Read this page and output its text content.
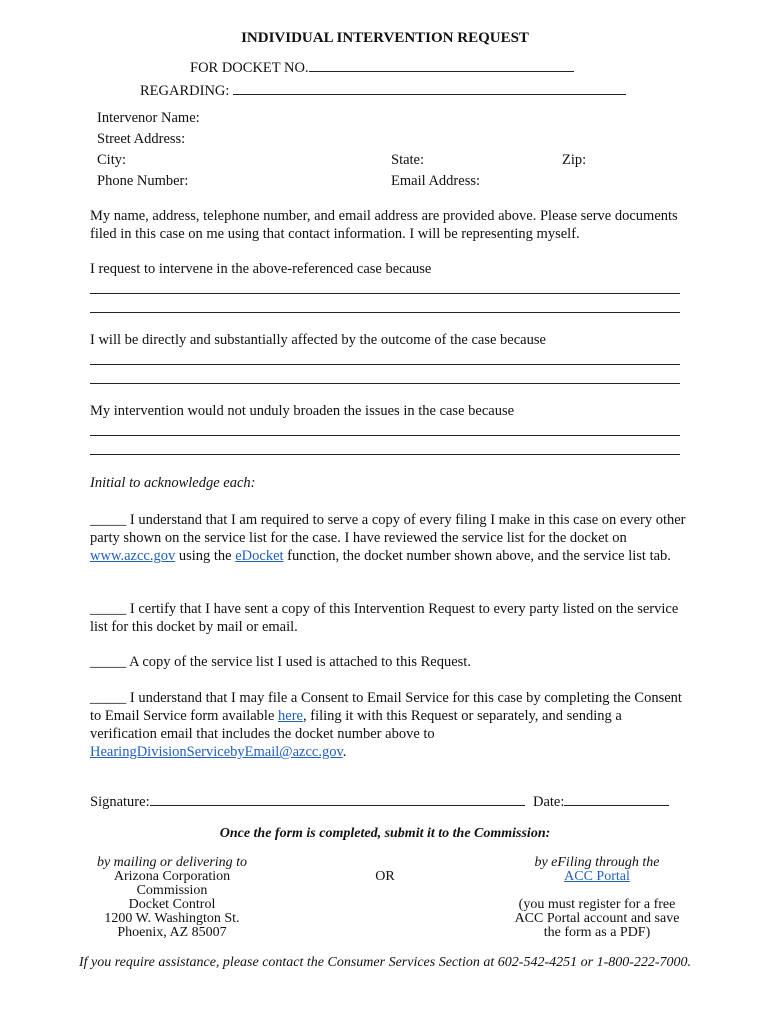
INDIVIDUAL INTERVENTION REQUEST
FOR DOCKET NO.
REGARDING:
Intervenor Name:
Street Address:
City:	State:	Zip:
Phone Number:	Email Address:
My name, address, telephone number, and email address are provided above. Please serve documents filed in this case on me using that contact information. I will be representing myself.
I request to intervene in the above-referenced case because
I will be directly and substantially affected by the outcome of the case because
My intervention would not unduly broaden the issues in the case because
Initial to acknowledge each:
_____ I understand that I am required to serve a copy of every filing I make in this case on every other party shown on the service list for the case. I have reviewed the service list for the docket on www.azcc.gov using the eDocket function, the docket number shown above, and the service list tab.
_____ I certify that I have sent a copy of this Intervention Request to every party listed on the service list for this docket by mail or email.
_____ A copy of the service list I used is attached to this Request.
_____ I understand that I may file a Consent to Email Service for this case by completing the Consent to Email Service form available here, filing it with this Request or separately, and sending a verification email that includes the docket number above to HearingDivisionServicebyEmail@azcc.gov.
Signature:	Date:
Once the form is completed, submit it to the Commission:
by mailing or delivering to
Arizona Corporation
Commission
Docket Control
1200 W. Washington St.
Phoenix, AZ 85007
OR
by eFiling through the
ACC Portal
(you must register for a free
ACC Portal account and save
the form as a PDF)
If you require assistance, please contact the Consumer Services Section at 602-542-4251 or 1-800-222-7000.
